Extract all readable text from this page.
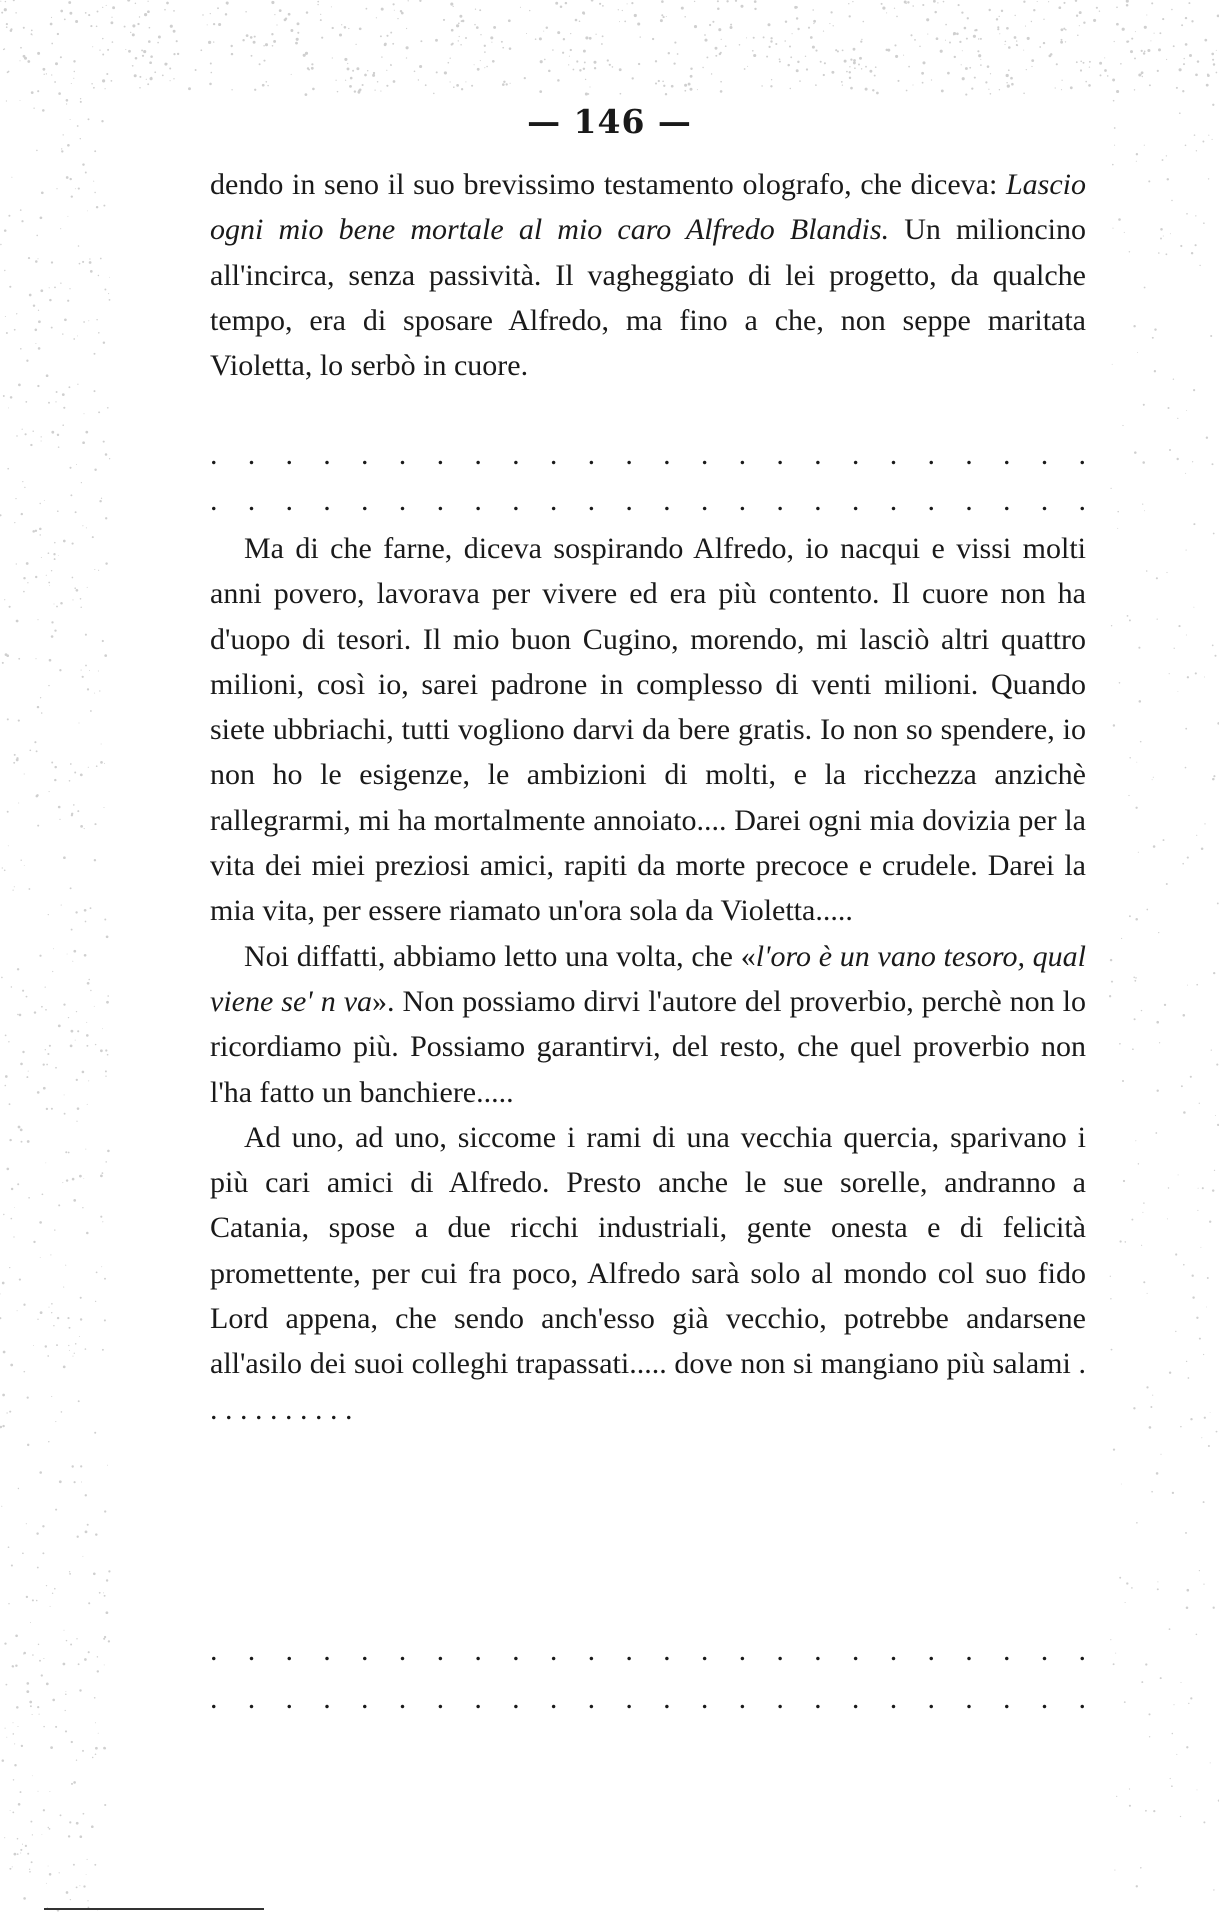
— 146 —

dendo in seno il suo brevissimo testamento olografo, che diceva: Lascio ogni mio bene mortale al mio caro Alfredo Blandis. Un milioncino all'incirca, senza passività. Il vagheggiato di lei progetto, da qualche tempo, era di sposare Alfredo, ma fino a che, non seppe maritata Violetta, lo serbò in cuore.

. . . . . . . . . . . . . . . . . . . . . . . .
. . . . . . . . . . . . . . . . . . . . . . . .

Ma di che farne, diceva sospirando Alfredo, io nacqui e vissi molti anni povero, lavorava per vivere ed era più contento. Il cuore non ha d'uopo di tesori. Il mio buon Cugino, morendo, mi lasciò altri quattro milioni, così io, sarei padrone in complesso di venti milioni. Quando siete ubbriachi, tutti vogliono darvi da bere gratis. Io non so spendere, io non ho le esigenze, le ambizioni di molti, e la ricchezza anzichè rallegrarmi, mi ha mortalmente annoiato.... Darei ogni mia dovizia per la vita dei miei preziosi amici, rapiti da morte precoce e crudele. Darei la mia vita, per essere riamato un'ora sola da Violetta.....

Noi diffatti, abbiamo letto una volta, che «l'oro è un vano tesoro, qual viene se' n va». Non possiamo dirvi l'autore del proverbio, perchè non lo ricordiamo più. Possiamo garantirvi, del resto, che quel proverbio non l'ha fatto un banchiere.....

Ad uno, ad uno, siccome i rami di una vecchia quercia, sparivano i più cari amici di Alfredo. Presto anche le sue sorelle, andranno a Catania, spose a due ricchi industriali, gente onesta e di felicità promettente, per cui fra poco, Alfredo sarà solo al mondo col suo fido Lord appena, che sendo anch'esso già vecchio, potrebbe andarsene all'asilo dei suoi colleghi trapassati..... dove non si mangiano più salami . . . . . . . . . . .

. . . . . . . . . . . . . . . . . . . . . . . .
. . . . . . . . . . . . . . . . . . . . . . . .
